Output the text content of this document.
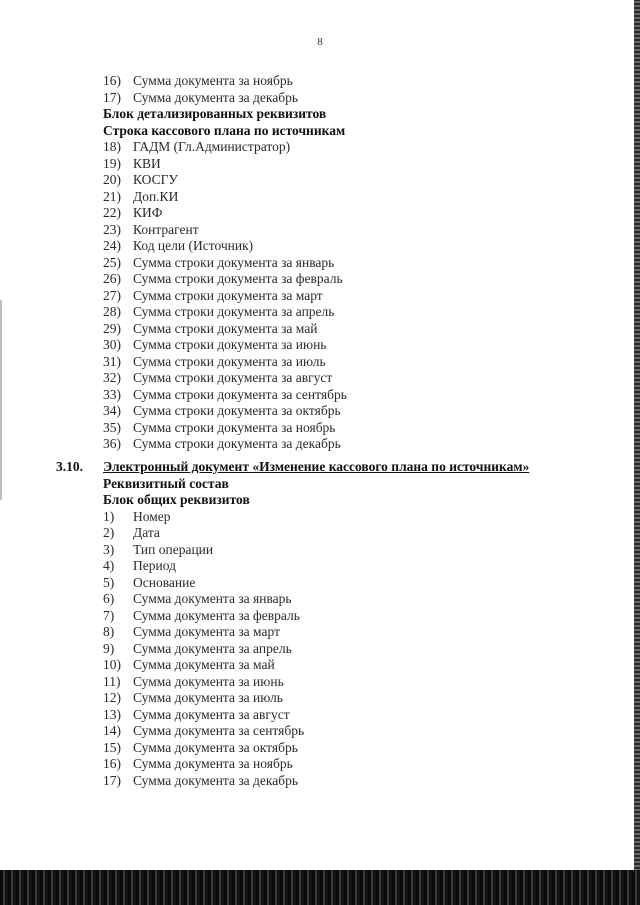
8
16) Сумма документа за ноябрь
17) Сумма документа за декабрь
Блок детализированных реквизитов
Строка кассового плана по источникам
18) ГАДМ (Гл.Администратор)
19) КВИ
20) КОСГУ
21) Доп.КИ
22) КИФ
23) Контрагент
24) Код цели (Источник)
25) Сумма строки документа за январь
26) Сумма строки документа за февраль
27) Сумма строки документа за март
28) Сумма строки документа за апрель
29) Сумма строки документа за май
30) Сумма строки документа за июнь
31) Сумма строки документа за июль
32) Сумма строки документа за август
33) Сумма строки документа за сентябрь
34) Сумма строки документа за октябрь
35) Сумма строки документа за ноябрь
36) Сумма строки документа за декабрь
3.10. Электронный документ «Изменение кассового плана по источникам»
Реквизитный состав
Блок общих реквизитов
1)	Номер
2)	Дата
3)	Тип операции
4)	Период
5)	Основание
6)	Сумма документа за январь
7)	Сумма документа за февраль
8)	Сумма документа за март
9)	Сумма документа за апрель
10) Сумма документа за май
11) Сумма документа за июнь
12) Сумма документа за июль
13) Сумма документа за август
14) Сумма документа за сентябрь
15) Сумма документа за октябрь
16) Сумма документа за ноябрь
17) Сумма документа за декабрь
